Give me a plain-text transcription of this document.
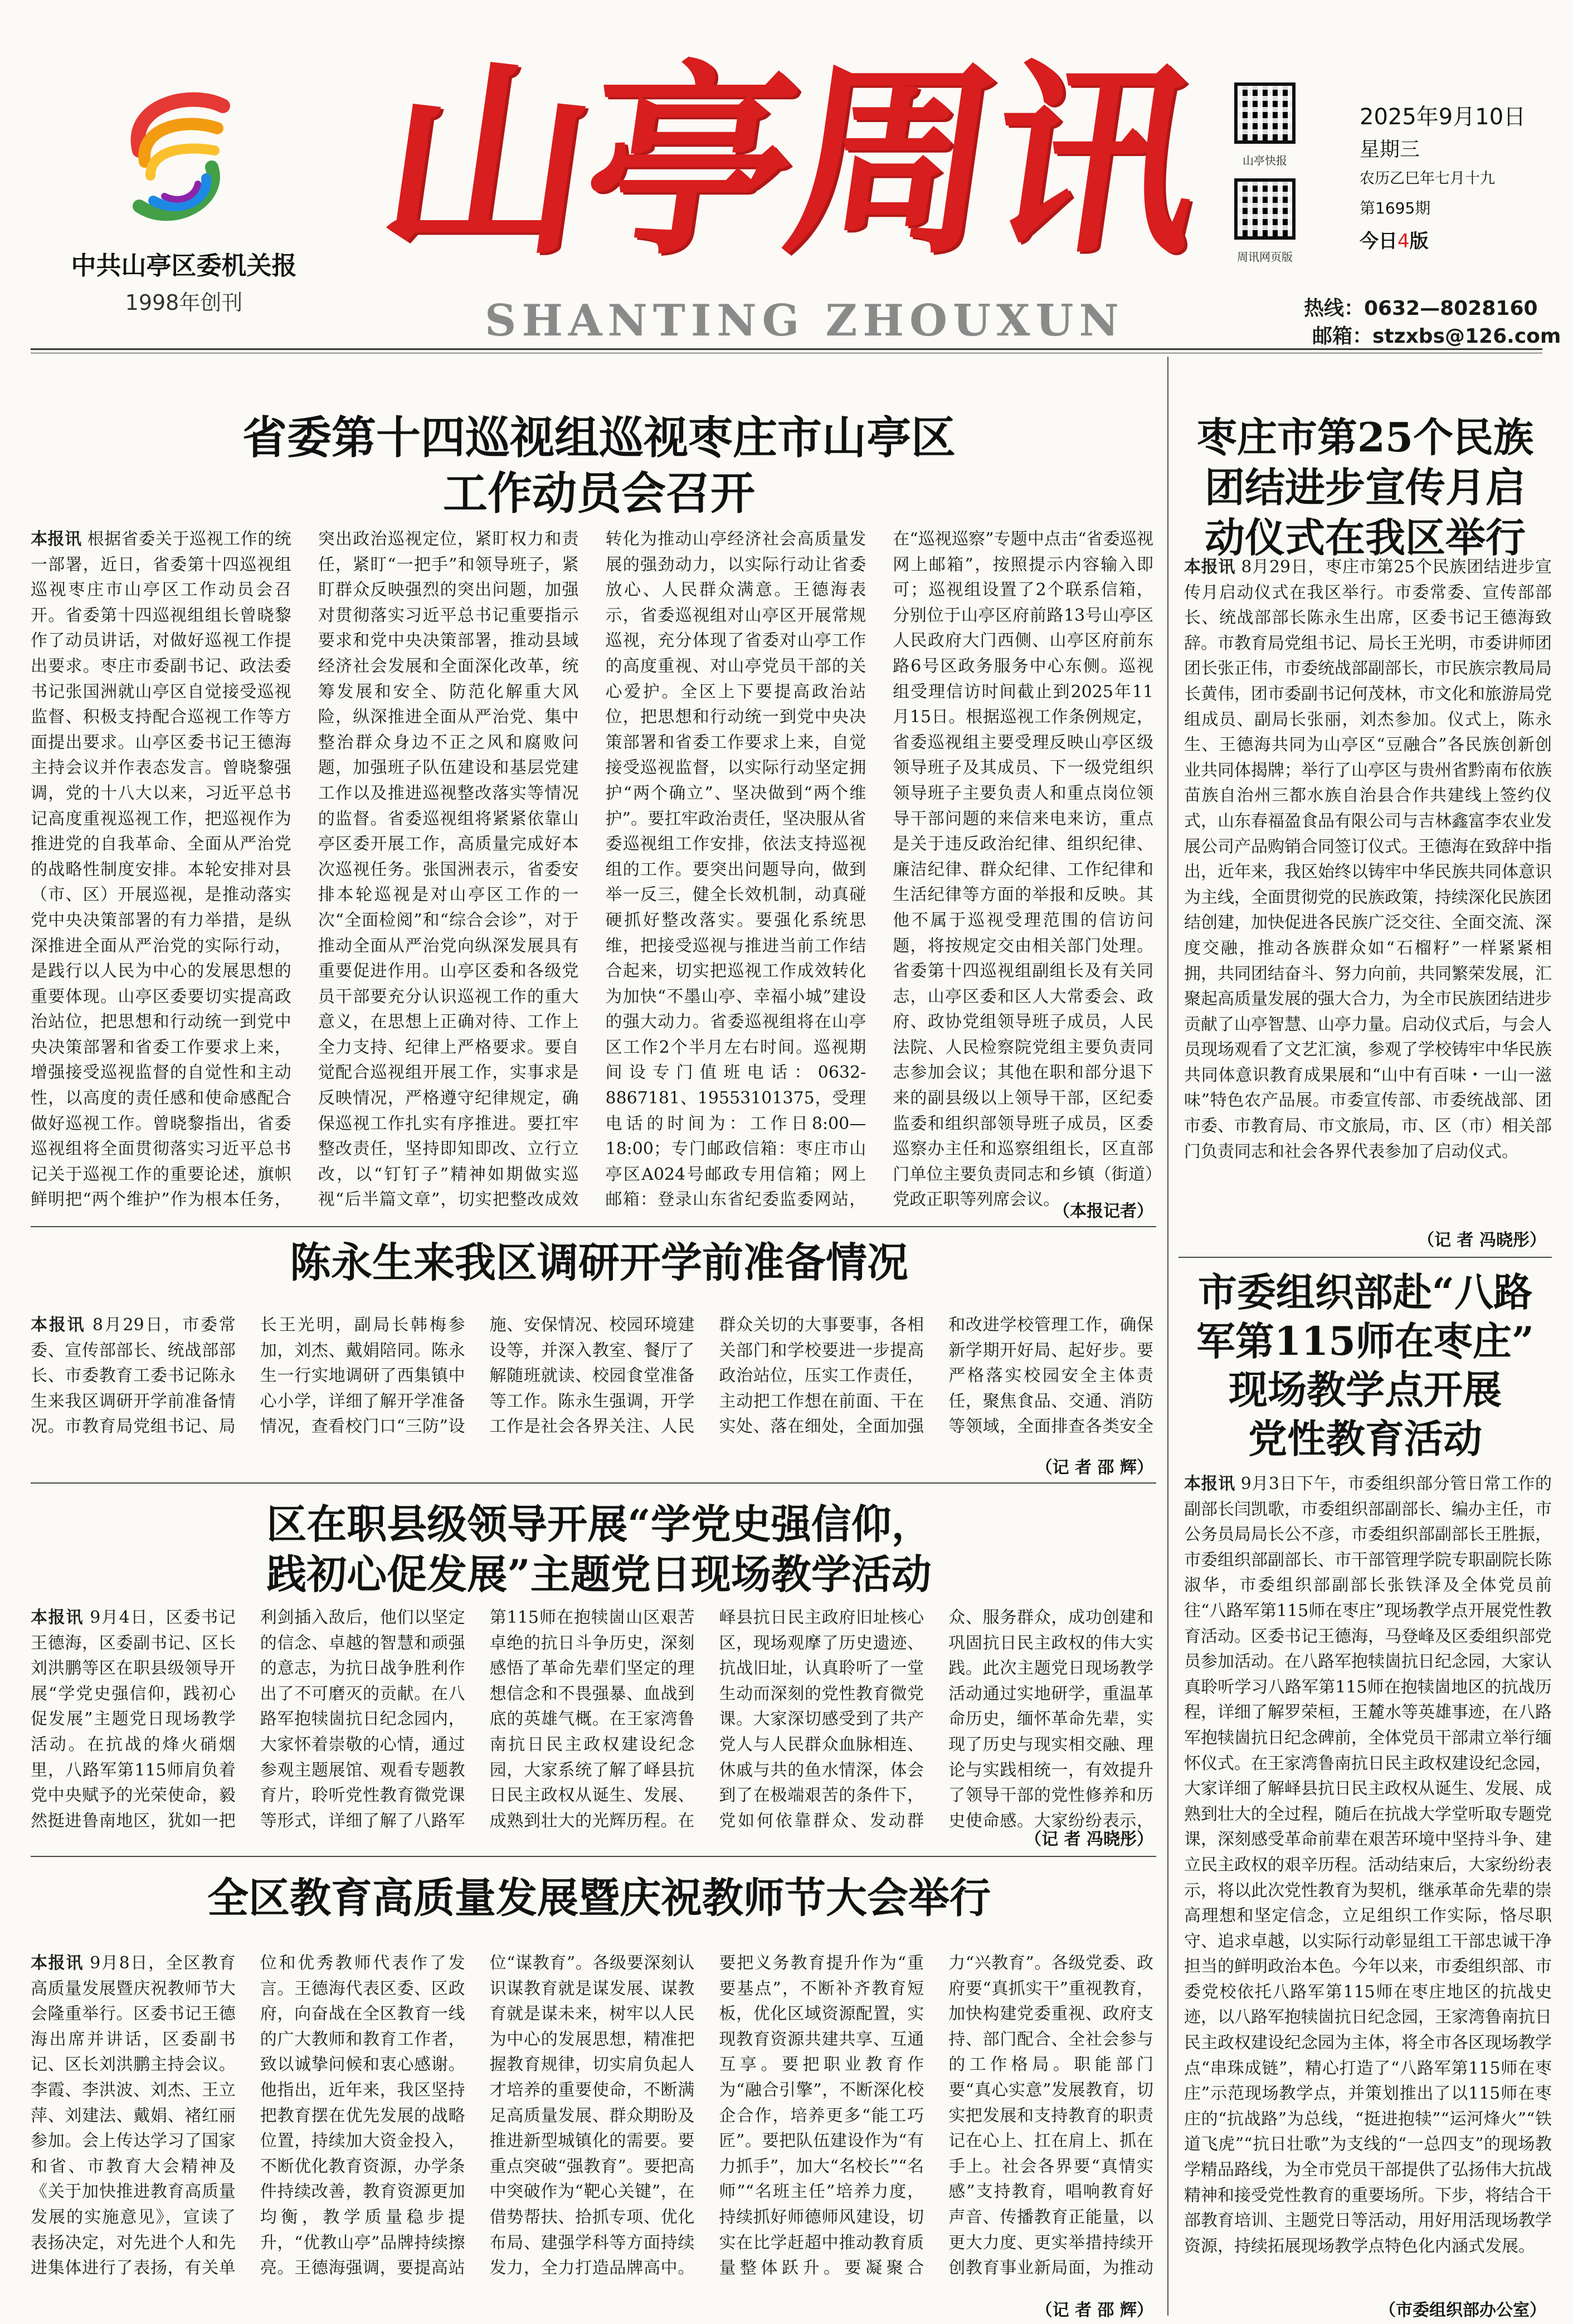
中共山亭区委机关报
1998年创刊
山亭周讯
SHANTING ZHOUXUN
山亭快报
周讯网页版
2025年9月10日
星期三
农历乙巳年七月十九
第1695期
今日4版
热线：0632—8028160
邮箱：stzxbs@126.com
省委第十四巡视组巡视枣庄市山亭区
工作动员会召开
本报讯 根据省委关于巡视工作的统一部署，近日，省委第十四巡视组巡视枣庄市山亭区工作动员会召开。省委第十四巡视组组长曾晓黎作了动员讲话，对做好巡视工作提出要求。枣庄市委副书记、政法委书记张国洲就山亭区自觉接受巡视监督、积极支持配合巡视工作等方面提出要求。山亭区委书记王德海主持会议并作表态发言。曾晓黎强调，党的十八大以来，习近平总书记高度重视巡视工作，把巡视作为推进党的自我革命、全面从严治党的战略性制度安排。本轮安排对县（市、区）开展巡视，是推动落实党中央决策部署的有力举措，是纵深推进全面从严治党的实际行动，是践行以人民为中心的发展思想的重要体现。山亭区委要切实提高政治站位，把思想和行动统一到党中央决策部署和省委工作要求上来，增强接受巡视监督的自觉性和主动性，以高度的责任感和使命感配合做好巡视工作。曾晓黎指出，省委巡视组将全面贯彻落实习近平总书记关于巡视工作的重要论述，旗帜鲜明把“两个维护”作为根本任务，突出政治巡视定位，紧盯权力和责任，紧盯“一把手”和领导班子，紧盯群众反映强烈的突出问题，加强对贯彻落实习近平总书记重要指示要求和党中央决策部署，推动县域经济社会发展和全面深化改革，统筹发展和安全、防范化解重大风险，纵深推进全面从严治党、集中整治群众身边不正之风和腐败问题，加强班子队伍建设和基层党建工作以及推进巡视整改落实等情况的监督。省委巡视组将紧紧依靠山亭区委开展工作，高质量完成好本次巡视任务。张国洲表示，省委安排本轮巡视是对山亭区工作的一次“全面检阅”和“综合会诊”，对于推动全面从严治党向纵深发展具有重要促进作用。山亭区委和各级党员干部要充分认识巡视工作的重大意义，在思想上正确对待、工作上全力支持、纪律上严格要求。要自觉配合巡视组开展工作，实事求是反映情况，严格遵守纪律规定，确保巡视工作扎实有序推进。要扛牢整改责任，坚持即知即改、立行立改，以“钉钉子”精神如期做实巡视“后半篇文章”，切实把整改成效转化为推动山亭经济社会高质量发展的强劲动力，以实际行动让省委放心、人民群众满意。王德海表示，省委巡视组对山亭区开展常规巡视，充分体现了省委对山亭工作的高度重视、对山亭党员干部的关心爱护。全区上下要提高政治站位，把思想和行动统一到党中央决策部署和省委工作要求上来，自觉接受巡视监督，以实际行动坚定拥护“两个确立”、坚决做到“两个维护”。要扛牢政治责任，坚决服从省委巡视组工作安排，依法支持巡视组的工作。要突出问题导向，做到举一反三，健全长效机制，动真碰硬抓好整改落实。要强化系统思维，把接受巡视与推进当前工作结合起来，切实把巡视工作成效转化为加快“不墨山亭、幸福小城”建设的强大动力。省委巡视组将在山亭区工作2个半月左右时间。巡视期间设专门值班电话：0632-8867181、19553101375，受理电话的时间为：工作日8:00—18:00；专门邮政信箱：枣庄市山亭区A024号邮政专用信箱；网上邮箱：登录山东省纪委监委网站，在“巡视巡察”专题中点击“省委巡视网上邮箱”，按照提示内容输入即可；巡视组设置了2个联系信箱，分别位于山亭区府前路13号山亭区人民政府大门西侧、山亭区府前东路6号区政务服务中心东侧。巡视组受理信访时间截止到2025年11月15日。根据巡视工作条例规定，省委巡视组主要受理反映山亭区级领导班子及其成员、下一级党组织领导班子主要负责人和重点岗位领导干部问题的来信来电来访，重点是关于违反政治纪律、组织纪律、廉洁纪律、群众纪律、工作纪律和生活纪律等方面的举报和反映。其他不属于巡视受理范围的信访问题，将按规定交由相关部门处理。省委第十四巡视组副组长及有关同志，山亭区委和区人大常委会、政府、政协党组领导班子成员，人民法院、人民检察院党组主要负责同志参加会议；其他在职和部分退下来的副县级以上领导干部，区纪委监委和组织部领导班子成员，区委巡察办主任和巡察组组长，区直部门单位主要负责同志和乡镇（街道）党政正职等列席会议。
（本报记者）
陈永生来我区调研开学前准备情况
本报讯 8月29日，市委常委、宣传部部长、统战部部长、市委教育工委书记陈永生来我区调研开学前准备情况。市教育局党组书记、局长王光明，副局长韩梅参加，刘杰、戴娟陪同。陈永生一行实地调研了西集镇中心小学，详细了解开学准备情况，查看校门口“三防”设施、安保情况、校园环境建设等，并深入教室、餐厅了解随班就读、校园食堂准备等工作。陈永生强调，开学工作是社会各界关注、人民群众关切的大事要事，各相关部门和学校要进一步提高政治站位，压实工作责任，主动把工作想在前面、干在实处、落在细处，全面加强和改进学校管理工作，确保新学期开好局、起好步。要严格落实校园安全主体责任，聚焦食品、交通、消防等领域，全面排查各类安全
（记 者 邵 辉）
区在职县级领导开展“学党史强信仰，
践初心促发展”主题党日现场教学活动
本报讯 9月4日，区委书记王德海，区委副书记、区长刘洪鹏等区在职县级领导开展“学党史强信仰，践初心促发展”主题党日现场教学活动。在抗战的烽火硝烟里，八路军第115师肩负着党中央赋予的光荣使命，毅然挺进鲁南地区，犹如一把利剑插入敌后，他们以坚定的信念、卓越的智慧和顽强的意志，为抗日战争胜利作出了不可磨灭的贡献。在八路军抱犊崮抗日纪念园内，大家怀着崇敬的心情，通过参观主题展馆、观看专题教育片，聆听党性教育微党课等形式，详细了解了八路军第115师在抱犊崮山区艰苦卓绝的抗日斗争历史，深刻感悟了革命先辈们坚定的理想信念和不畏强暴、血战到底的英雄气概。在王家湾鲁南抗日民主政权建设纪念园，大家系统了解了峄县抗日民主政权从诞生、发展、成熟到壮大的光辉历程。在峄县抗日民主政府旧址核心区，现场观摩了历史遗迹、抗战旧址，认真聆听了一堂生动而深刻的党性教育微党课。大家深切感受到了共产党人与人民群众血脉相连、休戚与共的鱼水情深，体会到了在极端艰苦的条件下，党如何依靠群众、发动群众、服务群众，成功创建和巩固抗日民主政权的伟大实践。此次主题党日现场教学活动通过实地研学，重温革命历史，缅怀革命先辈，实现了历史与现实相交融、理论与实践相统一，有效提升了领导干部的党性修养和历史使命感。大家纷纷表示，
（记 者 冯晓彤）
全区教育高质量发展暨庆祝教师节大会举行
本报讯 9月8日，全区教育高质量发展暨庆祝教师节大会隆重举行。区委书记王德海出席并讲话，区委副书记、区长刘洪鹏主持会议。李霞、李洪波、刘杰、王立萍、刘建法、戴娟、褚红丽参加。会上传达学习了国家和省、市教育大会精神及《关于加快推进教育高质量发展的实施意见》，宣读了表扬决定，对先进个人和先进集体进行了表扬，有关单位和优秀教师代表作了发言。王德海代表区委、区政府，向奋战在全区教育一线的广大教师和教育工作者，致以诚挚问候和衷心感谢。他指出，近年来，我区坚持把教育摆在优先发展的战略位置，持续加大资金投入，不断优化教育资源，办学条件持续改善，教育资源更加均衡，教学质量稳步提升，“优教山亭”品牌持续擦亮。王德海强调，要提高站位“谋教育”。各级要深刻认识谋教育就是谋发展、谋教育就是谋未来，树牢以人民为中心的发展思想，精准把握教育规律，切实肩负起人才培养的重要使命，不断满足高质量发展、群众期盼及推进新型城镇化的需要。要重点突破“强教育”。要把高中突破作为“靶心关键”，在借势帮扶、拾抓专项、优化布局、建强学科等方面持续发力，全力打造品牌高中。要把义务教育提升作为“重要基点”，不断补齐教育短板，优化区域资源配置，实现教育资源共建共享、互通互享。要把职业教育作为“融合引擎”，不断深化校企合作，培养更多“能工巧匠”。要把队伍建设作为“有力抓手”，加大“名校长”“名师”“名班主任”培养力度，持续抓好师德师风建设，切实在比学赶超中推动教育质量整体跃升。要凝聚合力“兴教育”。各级党委、政府要“真抓实干”重视教育，加快构建党委重视、政府支持、部门配合、全社会参与的工作格局。职能部门要“真心实意”发展教育，切实把发展和支持教育的职责记在心上、扛在肩上、抓在手上。社会各界要“真情实感”支持教育，唱响教育好声音、传播教育正能量，以更大力度、更实举措持续开创教育事业新局面，为推动
（记 者 邵 辉）
枣庄市第25个民族
团结进步宣传月启
动仪式在我区举行
本报讯 8月29日，枣庄市第25个民族团结进步宣传月启动仪式在我区举行。市委常委、宣传部部长、统战部部长陈永生出席，区委书记王德海致辞。市教育局党组书记、局长王光明，市委讲师团团长张正伟，市委统战部副部长，市民族宗教局局长黄伟，团市委副书记何茂林，市文化和旅游局党组成员、副局长张丽，刘杰参加。仪式上，陈永生、王德海共同为山亭区“豆融合”各民族创新创业共同体揭牌；举行了山亭区与贵州省黔南布依族苗族自治州三都水族自治县合作共建线上签约仪式，山东春福盈食品有限公司与吉林鑫富李农业发展公司产品购销合同签订仪式。王德海在致辞中指出，近年来，我区始终以铸牢中华民族共同体意识为主线，全面贯彻党的民族政策，持续深化民族团结创建，加快促进各民族广泛交往、全面交流、深度交融，推动各族群众如“石榴籽”一样紧紧相拥，共同团结奋斗、努力向前，共同繁荣发展，汇聚起高质量发展的强大合力，为全市民族团结进步贡献了山亭智慧、山亭力量。启动仪式后，与会人员现场观看了文艺汇演，参观了学校铸牢中华民族共同体意识教育成果展和“山中有百味・一山一滋味”特色农产品展。市委宣传部、市委统战部、团市委、市教育局、市文旅局，市、区（市）相关部门负责同志和社会各界代表参加了启动仪式。
（记 者 冯晓彤）
市委组织部赴“八路
军第115师在枣庄”
现场教学点开展
党性教育活动
本报讯 9月3日下午，市委组织部分管日常工作的副部长闫凯歌，市委组织部副部长、编办主任，市公务员局局长公不彦，市委组织部副部长王胜振，市委组织部副部长、市干部管理学院专职副院长陈淑华，市委组织部副部长张铁泽及全体党员前往“八路军第115师在枣庄”现场教学点开展党性教育活动。区委书记王德海，马登峰及区委组织部党员参加活动。在八路军抱犊崮抗日纪念园，大家认真聆听学习八路军第115师在抱犊崮地区的抗战历程，详细了解罗荣桓，王麓水等英雄事迹，在八路军抱犊崮抗日纪念碑前，全体党员干部肃立举行缅怀仪式。在王家湾鲁南抗日民主政权建设纪念园，大家详细了解峄县抗日民主政权从诞生、发展、成熟到壮大的全过程，随后在抗战大学堂听取专题党课，深刻感受革命前辈在艰苦环境中坚持斗争、建立民主政权的艰辛历程。活动结束后，大家纷纷表示，将以此次党性教育为契机，继承革命先辈的崇高理想和坚定信念，立足组织工作实际，恪尽职守、追求卓越，以实际行动彰显组工干部忠诚干净担当的鲜明政治本色。今年以来，市委组织部、市委党校依托八路军第115师在枣庄地区的抗战史迹，以八路军抱犊崮抗日纪念园，王家湾鲁南抗日民主政权建设纪念园为主体，将全市各区现场教学点“串珠成链”，精心打造了“八路军第115师在枣庄”示范现场教学点，并策划推出了以115师在枣庄的“抗战路”为总线，“挺进抱犊”“运河烽火”“铁道飞虎”“抗日壮歌”为支线的“一总四支”的现场教学精品路线，为全市党员干部提供了弘扬伟大抗战精神和接受党性教育的重要场所。下步，将结合干部教育培训、主题党日等活动，用好用活现场教学资源，持续拓展现场教学点特色化内涵式发展。
（市委组织部办公室）
